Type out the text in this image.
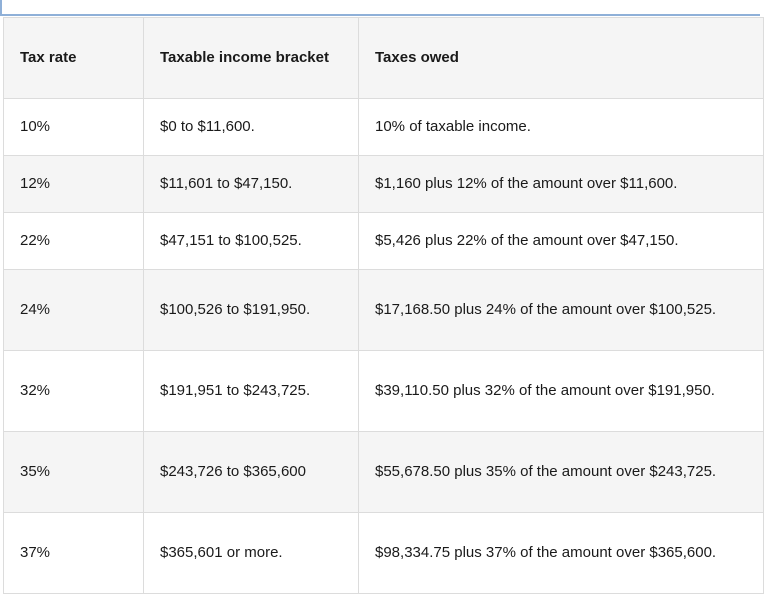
Tax rate	Taxable income bracket	Taxes owed
10%	$0 to $11,600.	10% of taxable income.
12%	$11,601 to $47,150.	$1,160 plus 12% of the amount over $11,600.
22%	$47,151 to $100,525.	$5,426 plus 22% of the amount over $47,150.
24%	$100,526 to $191,950.	$17,168.50 plus 24% of the amount over $100,525.
32%	$191,951 to $243,725.	$39,110.50 plus 32% of the amount over $191,950.
35%	$243,726 to $365,600	$55,678.50 plus 35% of the amount over $243,725.
37%	$365,601 or more.	$98,334.75 plus 37% of the amount over $365,600.
